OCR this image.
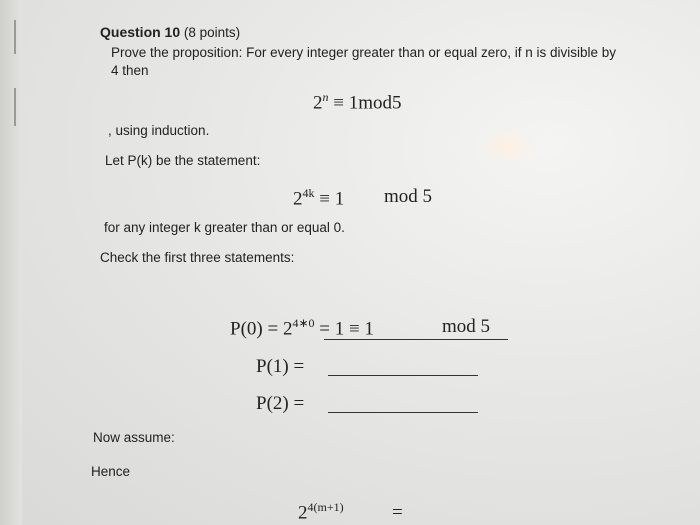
Question 10 (8 points)
Prove the proposition: For every integer greater than or equal zero, if n is divisible by
4 then
$2^n \equiv 1mod5$
, using induction.
Let P(k) be the statement:
$2^{4k} \equiv 1$ mod 5
for any integer k greater than or equal 0.
Check the first three statements:
$P(0) = 2^{4∗0} = 1 \equiv 1$	mod 5
P(1) =
P(2) =
Now assume:
Hence
$2^{4(m+1)}$	=
